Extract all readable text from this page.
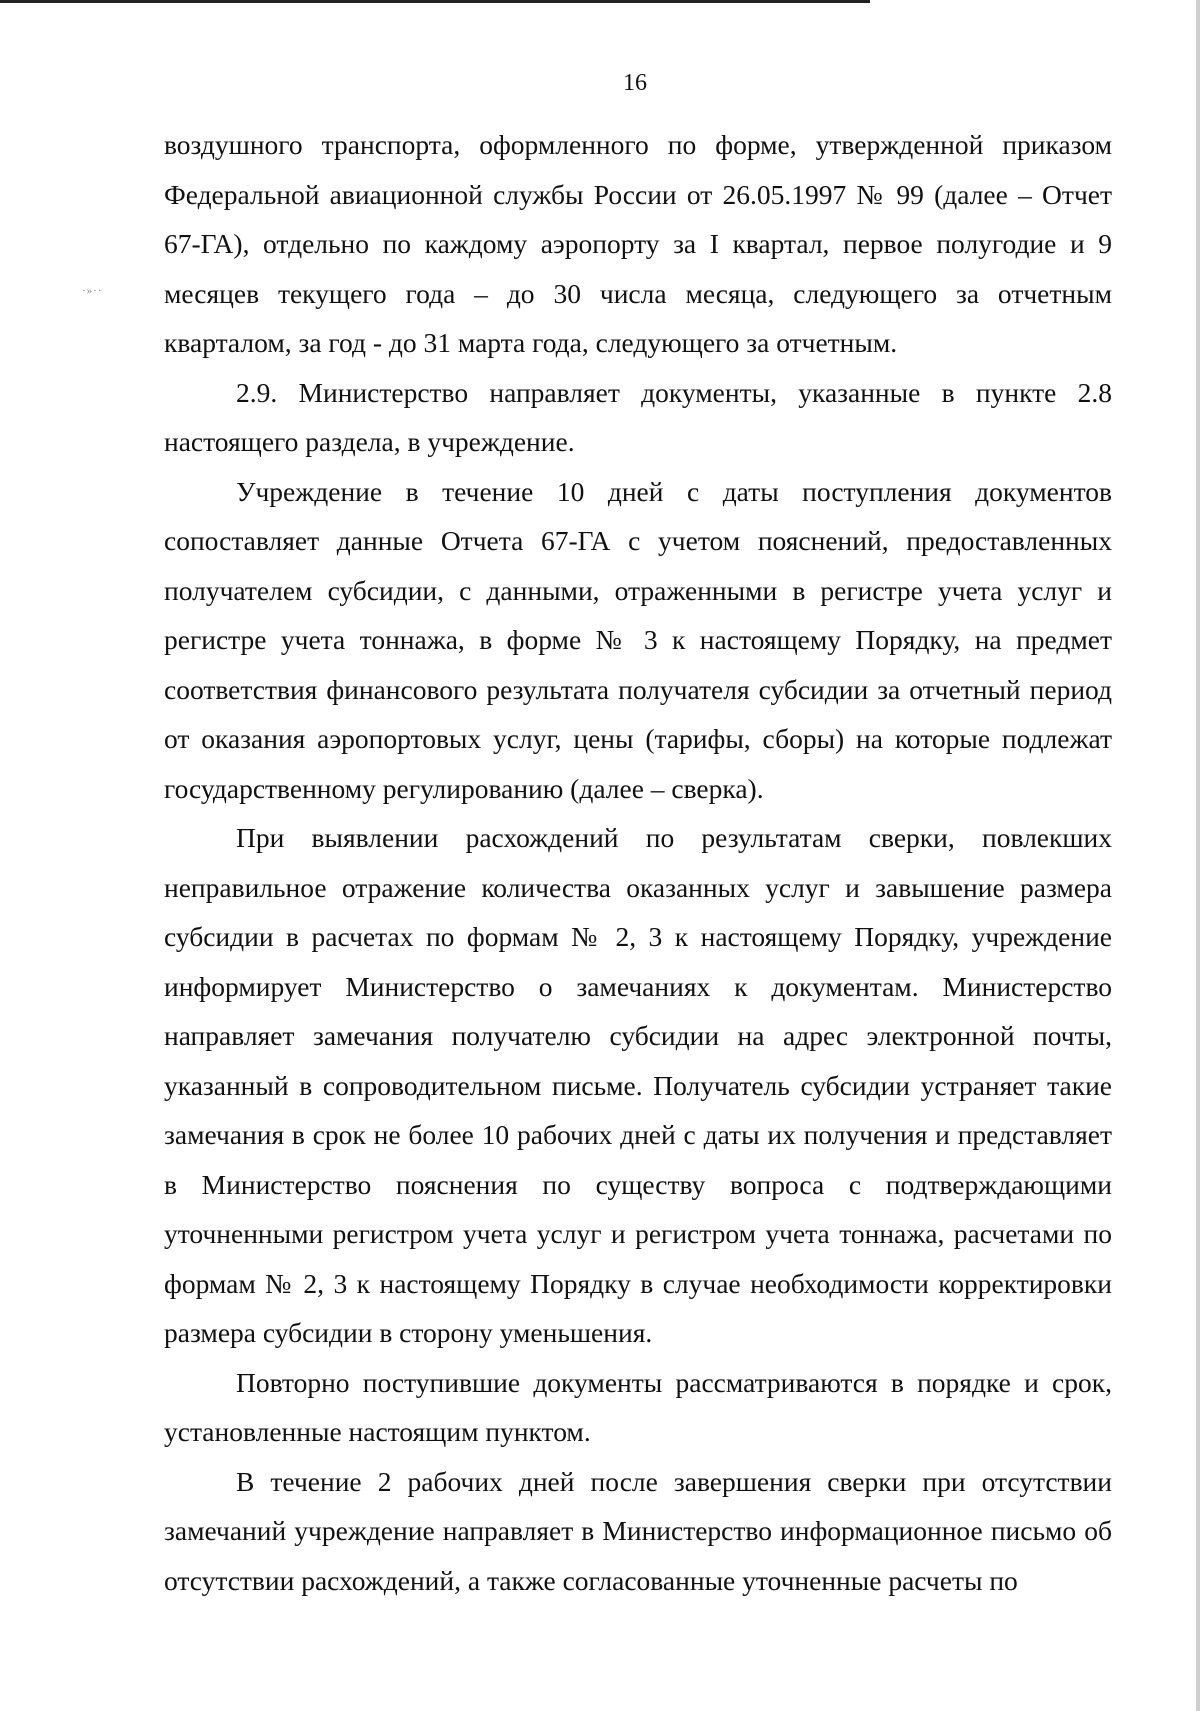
·»··
16

воздушного транспорта, оформленного по форме, утвержденной приказом Федеральной авиационной службы России от 26.05.1997 № 99 (далее – Отчет 67-ГА), отдельно по каждому аэропорту за I квартал, первое полугодие и 9 месяцев текущего года – до 30 числа месяца, следующего за отчетным кварталом, за год - до 31 марта года, следующего за отчетным.

2.9. Министерство направляет документы, указанные в пункте 2.8 настоящего раздела, в учреждение.

Учреждение в течение 10 дней с даты поступления документов сопоставляет данные Отчета 67-ГА с учетом пояснений, предоставленных получателем субсидии, с данными, отраженными в регистре учета услуг и регистре учета тоннажа, в форме № 3 к настоящему Порядку, на предмет соответствия финансового результата получателя субсидии за отчетный период от оказания аэропортовых услуг, цены (тарифы, сборы) на которые подлежат государственному регулированию (далее – сверка).

При выявлении расхождений по результатам сверки, повлекших неправильное отражение количества оказанных услуг и завышение размера субсидии в расчетах по формам № 2, 3 к настоящему Порядку, учреждение информирует Министерство о замечаниях к документам. Министерство направляет замечания получателю субсидии на адрес электронной почты, указанный в сопроводительном письме. Получатель субсидии устраняет такие замечания в срок не более 10 рабочих дней с даты их получения и представляет в Министерство пояснения по существу вопроса с подтверждающими уточненными регистром учета услуг и регистром учета тоннажа, расчетами по формам № 2, 3 к настоящему Порядку в случае необходимости корректировки размера субсидии в сторону уменьшения.

Повторно поступившие документы рассматриваются в порядке и срок, установленные настоящим пунктом.

В течение 2 рабочих дней после завершения сверки при отсутствии замечаний учреждение направляет в Министерство информационное письмо об отсутствии расхождений, а также согласованные уточненные расчеты по
